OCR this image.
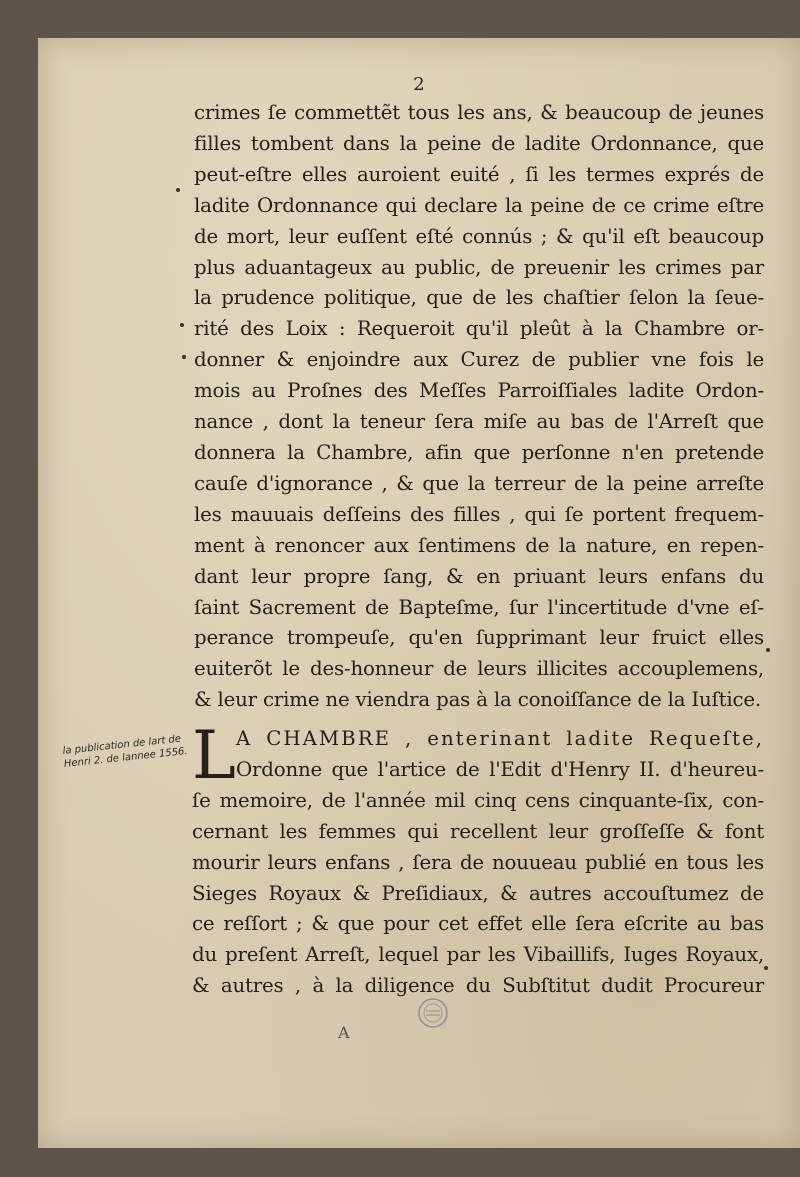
2
crimes ſe commettẽt tous les ans, & beaucoup de jeunes
filles tombent dans la peine de ladite Ordonnance, que
peut-eſtre elles auroient euité , ſi les termes exprés de
ladite Ordonnance qui declare la peine de ce crime eſtre
de mort, leur euſſent eſté connús ; & qu'il eſt beaucoup
plus aduantageux au public, de preuenir les crimes par
la prudence politique, que de les chaſtier ſelon la ſeue-
rité des Loix : Requeroit qu'il pleût à la Chambre or-
donner & enjoindre aux Curez de publier vne fois le
mois au Proſnes des Meſſes Parroiſſiales ladite Ordon-
nance , dont la teneur ſera miſe au bas de l'Arreſt que
donnera la Chambre, afin que perſonne n'en pretende
cauſe d'ignorance , & que la terreur de la peine arreſte
les mauuais deſſeins des filles , qui ſe portent frequem-
ment à renoncer aux ſentimens de la nature, en repen-
dant leur propre ſang, & en priuant leurs enfans du
ſaint Sacrement de Bapteſme, ſur l'incertitude d'vne eſ-
perance trompeuſe, qu'en ſupprimant leur fruict elles
euiterõt le des-honneur de leurs illicites accouplemens,
& leur crime ne viendra pas à la conoiſſance de la Iuſtice.
L A CHAMBRE , enterinant ladite Requeſte,
Ordonne que l'artice de l'Edit d'Henry II. d'heureu-
ſe memoire, de l'année mil cinq cens cinquante-ſix, con-
cernant les femmes qui recellent leur groſſeſſe & font
mourir leurs enfans , ſera de nouueau publié en tous les
Sieges Royaux & Preſidiaux, & autres accouſtumez de
ce reſſort ; & que pour cet effet elle ſera eſcrite au bas
du preſent Arreſt, lequel par les Vibaillifs, Iuges Royaux,
& autres , à la diligence du Subſtitut dudit Procureur
A
la publication de lart de Henri 2. de lannee 1556.
